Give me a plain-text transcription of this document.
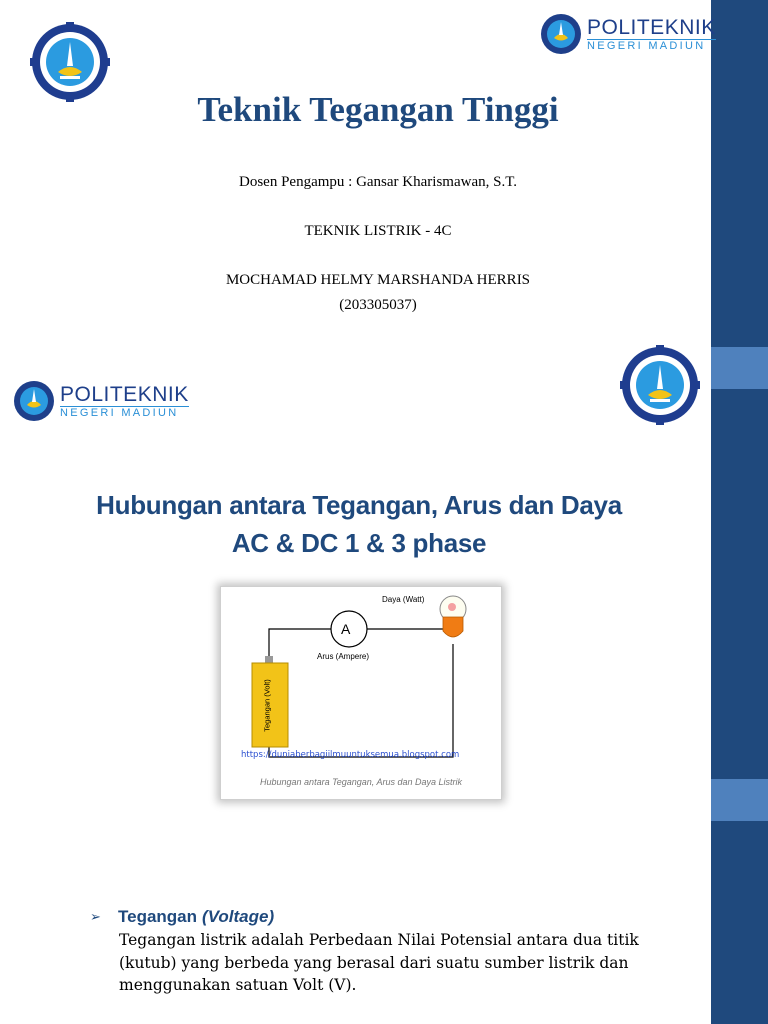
POLITEKNIK
NEGERI MADIUN
Teknik Tegangan Tinggi
Dosen Pengampu : Gansar Kharismawan, S.T.
TEKNIK LISTRIK - 4C
MOCHAMAD HELMY MARSHANDA HERRIS
(203305037)
POLITEKNIK
NEGERI MADIUN
Hubungan antara Tegangan, Arus dan Daya
AC & DC 1 & 3 phase
Daya (Watt)
A
Arus (Ampere)
Tegangan (Volt)
https://duniaberbagiilmuuntuksemua.blogspot.com
Hubungan antara Tegangan, Arus dan Daya Listrik
➢	Tegangan (Voltage)
Tegangan listrik adalah Perbedaan Nilai Potensial antara dua titik (kutub) yang berbeda yang berasal dari suatu sumber listrik dan menggunakan satuan Volt (V).
